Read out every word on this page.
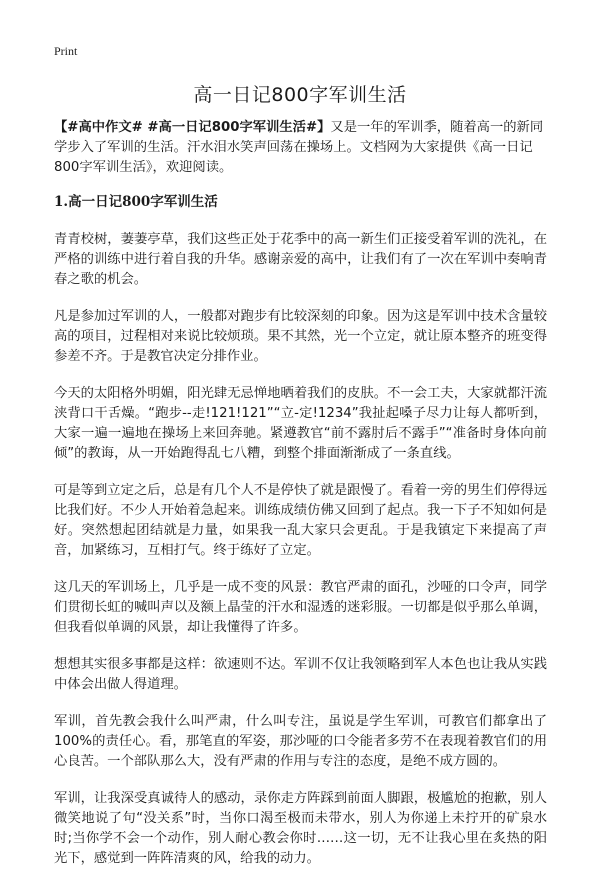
Print
高一日记800字军训生活

【#高中作文# #高一日记800字军训生活#】又是一年的军训季，随着高一的新同学步入了军训的生活。汗水泪水笑声回荡在操场上。文档网为大家提供《高一日记800字军训生活》，欢迎阅读。

1.高一日记800字军训生活

青青校树，萋萋亭草，我们这些正处于花季中的高一新生们正接受着军训的洗礼，在严格的训练中进行着自我的升华。感谢亲爱的高中，让我们有了一次在军训中奏响青春之歌的机会。

凡是参加过军训的人，一般都对跑步有比较深刻的印象。因为这是军训中技术含量较高的项目，过程相对来说比较烦琐。果不其然，光一个立定，就让原本整齐的班变得参差不齐。于是教官决定分排作业。

今天的太阳格外明媚，阳光肆无忌惮地晒着我们的皮肤。不一会工夫，大家就都汗流浃背口干舌燥。“跑步--走!121!121”“立-定!1234”我扯起嗓子尽力让每人都听到，大家一遍一遍地在操场上来回奔驰。紧遵教官“前不露肘后不露手”“准备时身体向前倾”的教诲，从一开始跑得乱七八糟，到整个排面渐渐成了一条直线。

可是等到立定之后，总是有几个人不是停快了就是跟慢了。看着一旁的男生们停得远比我们好。不少人开始着急起来。训练成绩仿佛又回到了起点。我一下子不知如何是好。突然想起团结就是力量，如果我一乱大家只会更乱。于是我镇定下来提高了声音，加紧练习，互相打气。终于练好了立定。

这几天的军训场上，几乎是一成不变的风景：教官严肃的面孔，沙哑的口令声，同学们贯彻长虹的喊叫声以及额上晶莹的汗水和湿透的迷彩服。一切都是似乎那么单调，但我看似单调的风景，却让我懂得了许多。

想想其实很多事都是这样：欲速则不达。军训不仅让我领略到军人本色也让我从实践中体会出做人得道理。

军训，首先教会我什么叫严肃，什么叫专注，虽说是学生军训，可教官们都拿出了100%的责任心。看，那笔直的军姿，那沙哑的口令能者多劳不在表现着教官们的用心良苦。一个部队那么大，没有严肃的作用与专注的态度，是绝不成方圆的。

军训，让我深受真诚待人的感动，录你走方阵踩到前面人脚跟，极尴尬的抱歉，别人微笑地说了句“没关系”时，当你口渴至极而未带水，别人为你递上未拧开的矿泉水时;当你学不会一个动作，别人耐心教会你时……这一切，无不让我心里在炙热的阳光下，感觉到一阵阵清爽的风，给我的动力。
